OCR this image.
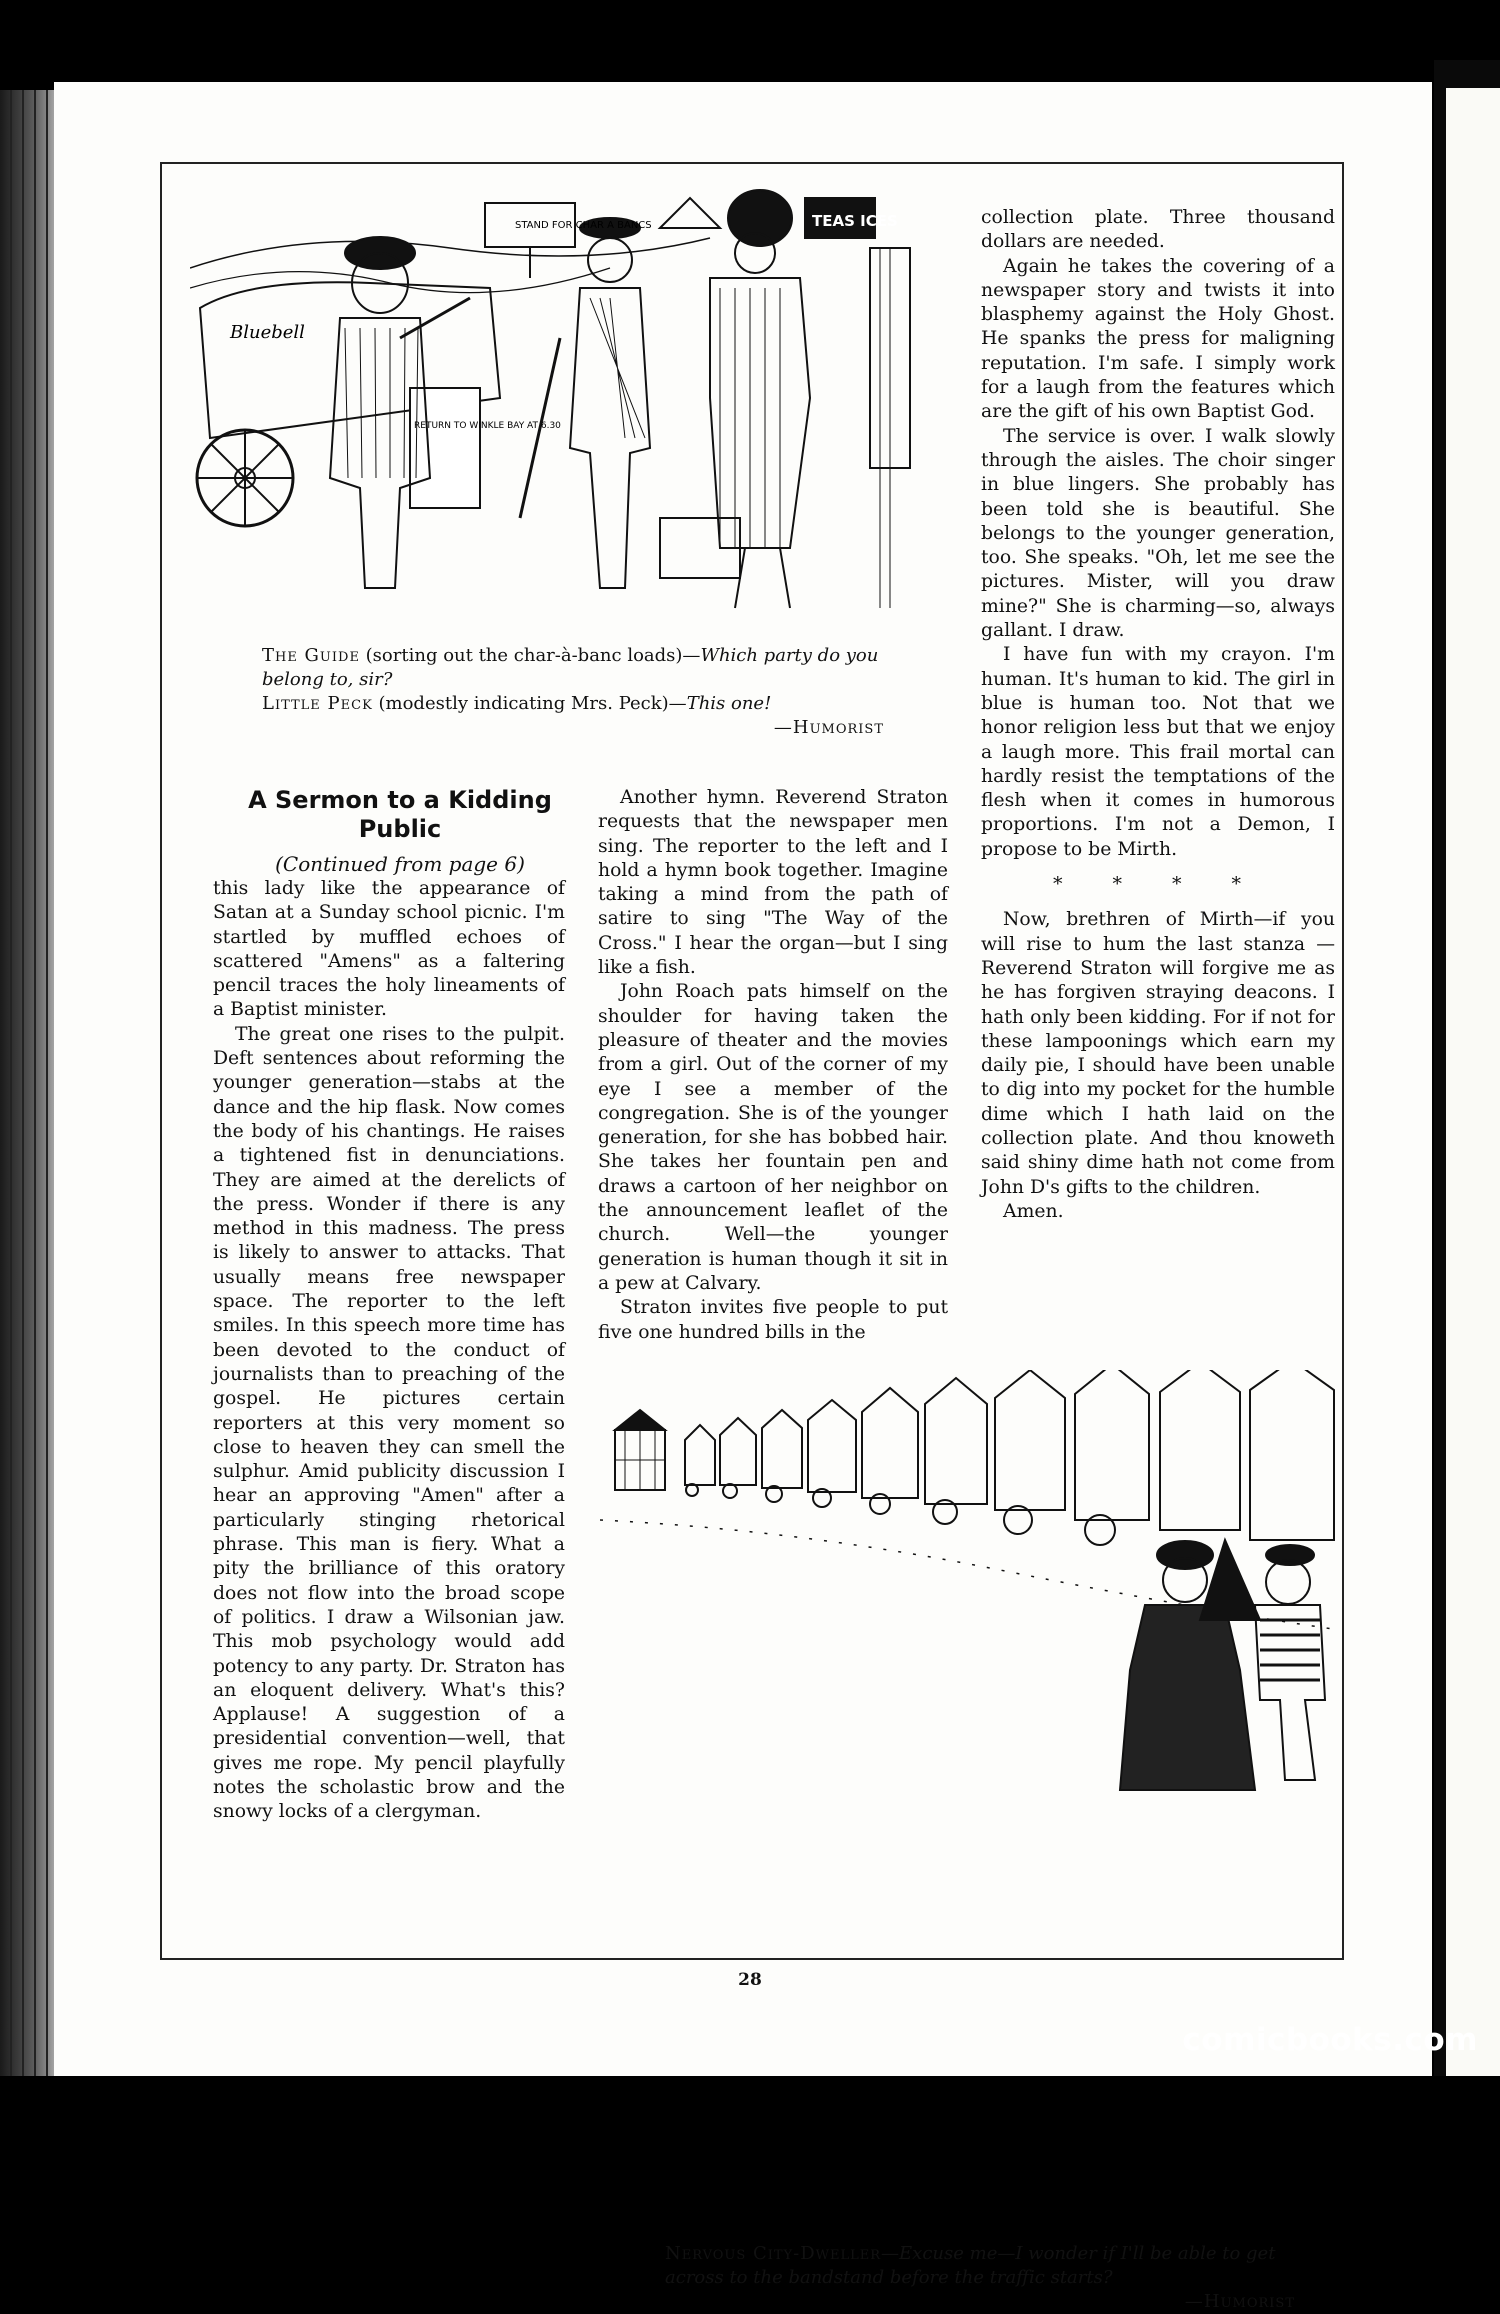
STAND FOR CHAR A BANCS	TEAS ICES
Bluebell
RETURN TO WINKLE BAY AT 6.30
The Guide (sorting out the char-à-banc loads)—Which party do you belong to, sir?
Little Peck (modestly indicating Mrs. Peck)—This one!
—Humorist
A Sermon to a Kidding Public
(Continued from page 6)

this lady like the appearance of Satan at a Sunday school picnic. I'm startled by muffled echoes of scattered "Amens" as a faltering pencil traces the holy lineaments of a Baptist minister.

The great one rises to the pulpit. Deft sentences about reforming the younger generation—stabs at the dance and the hip flask. Now comes the body of his chantings. He raises a tightened fist in denunciations. They are aimed at the derelicts of the press. Wonder if there is any method in this madness. The press is likely to answer to attacks. That usually means free newspaper space. The reporter to the left smiles. In this speech more time has been devoted to the conduct of journalists than to preaching of the gospel. He pictures certain reporters at this very moment so close to heaven they can smell the sulphur. Amid publicity discussion I hear an approving "Amen" after a particularly stinging rhetorical phrase. This man is fiery. What a pity the brilliance of this oratory does not flow into the broad scope of politics. I draw a Wilsonian jaw. This mob psychology would add potency to any party. Dr. Straton has an eloquent delivery. What's this? Applause! A suggestion of a presidential convention—well, that gives me rope. My pencil playfully notes the scholastic brow and the snowy locks of a clergyman.

Another hymn. Reverend Straton requests that the newspaper men sing. The reporter to the left and I hold a hymn book together. Imagine taking a mind from the path of satire to sing "The Way of the Cross." I hear the organ—but I sing like a fish.

John Roach pats himself on the shoulder for having taken the pleasure of theater and the movies from a girl. Out of the corner of my eye I see a member of the congregation. She is of the younger generation, for she has bobbed hair. She takes her fountain pen and draws a cartoon of her neighbor on the announcement leaflet of the church. Well—the younger generation is human though it sit in a pew at Calvary.

Straton invites five people to put five one hundred bills in the

collection plate. Three thousand dollars are needed.

Again he takes the covering of a newspaper story and twists it into blasphemy against the Holy Ghost. He spanks the press for maligning reputation. I'm safe. I simply work for a laugh from the features which are the gift of his own Baptist God.

The service is over. I walk slowly through the aisles. The choir singer in blue lingers. She probably has been told she is beautiful. She belongs to the younger generation, too. She speaks. "Oh, let me see the pictures. Mister, will you draw mine?" She is charming—so, always gallant. I draw.

I have fun with my crayon. I'm human. It's human to kid. The girl in blue is human too. Not that we honor religion less but that we enjoy a laugh more. This frail mortal can hardly resist the temptations of the flesh when it comes in humorous proportions. I'm not a Demon, I propose to be Mirth.

* * * *

Now, brethren of Mirth—if you will rise to hum the last stanza — Reverend Straton will forgive me as he has forgiven straying deacons. I hath only been kidding. For if not for these lampoonings which earn my daily pie, I should have been unable to dig into my pocket for the humble dime which I hath laid on the collection plate. And thou knoweth said shiny dime hath not come from John D's gifts to the children.

Amen.

Nervous City-Dweller—Excuse me—I wonder if I'll be able to get across to the bandstand before the traffic starts?
—Humorist
28
comicbooks.com
